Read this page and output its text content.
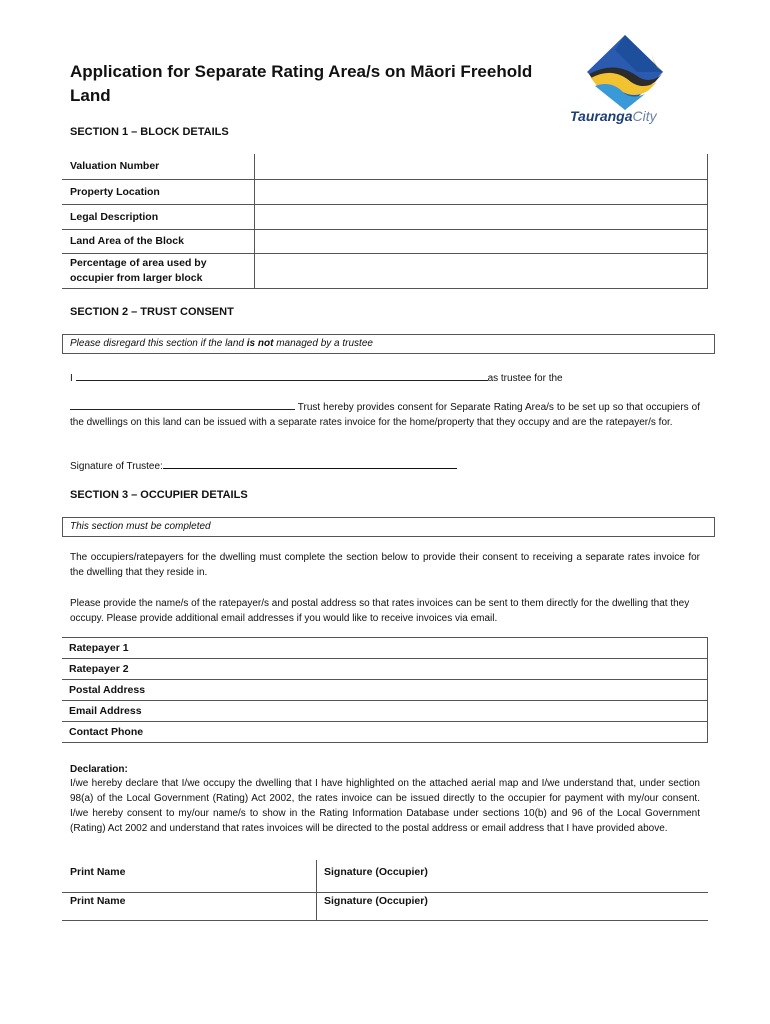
Application for Separate Rating Area/s on Māori Freehold Land
TaurangaCity
SECTION 1 – BLOCK DETAILS
Valuation Number	
Property Location	
Legal Description	
Land Area of the Block	
Percentage of area used by occupier from larger block	
SECTION 2 – TRUST CONSENT
Please disregard this section if the land is not managed by a trustee
I	as trustee for the
Trust hereby provides consent for Separate Rating Area/s to be set up so that occupiers of the dwellings on this land can be issued with a separate rates invoice for the home/property that they occupy and are the ratepayer/s for.
Signature of Trustee:
SECTION 3 – OCCUPIER DETAILS
This section must be completed
The occupiers/ratepayers for the dwelling must complete the section below to provide their consent to receiving a separate rates invoice for the dwelling that they reside in.
Please provide the name/s of the ratepayer/s and postal address so that rates invoices can be sent to them directly for the dwelling that they occupy. Please provide additional email addresses if you would like to receive invoices via email.
Ratepayer 1
Ratepayer 2
Postal Address
Email Address
Contact Phone
Declaration:
I/we hereby declare that I/we occupy the dwelling that I have highlighted on the attached aerial map and I/we understand that, under section 98(a) of the Local Government (Rating) Act 2002, the rates invoice can be issued directly to the occupier for payment with my/our consent. I/we hereby consent to my/our name/s to show in the Rating Information Database under sections 10(b) and 96 of the Local Government (Rating) Act 2002 and understand that rates invoices will be directed to the postal address or email address that I have provided above.
Print Name	Signature (Occupier)
Print Name	Signature (Occupier)
